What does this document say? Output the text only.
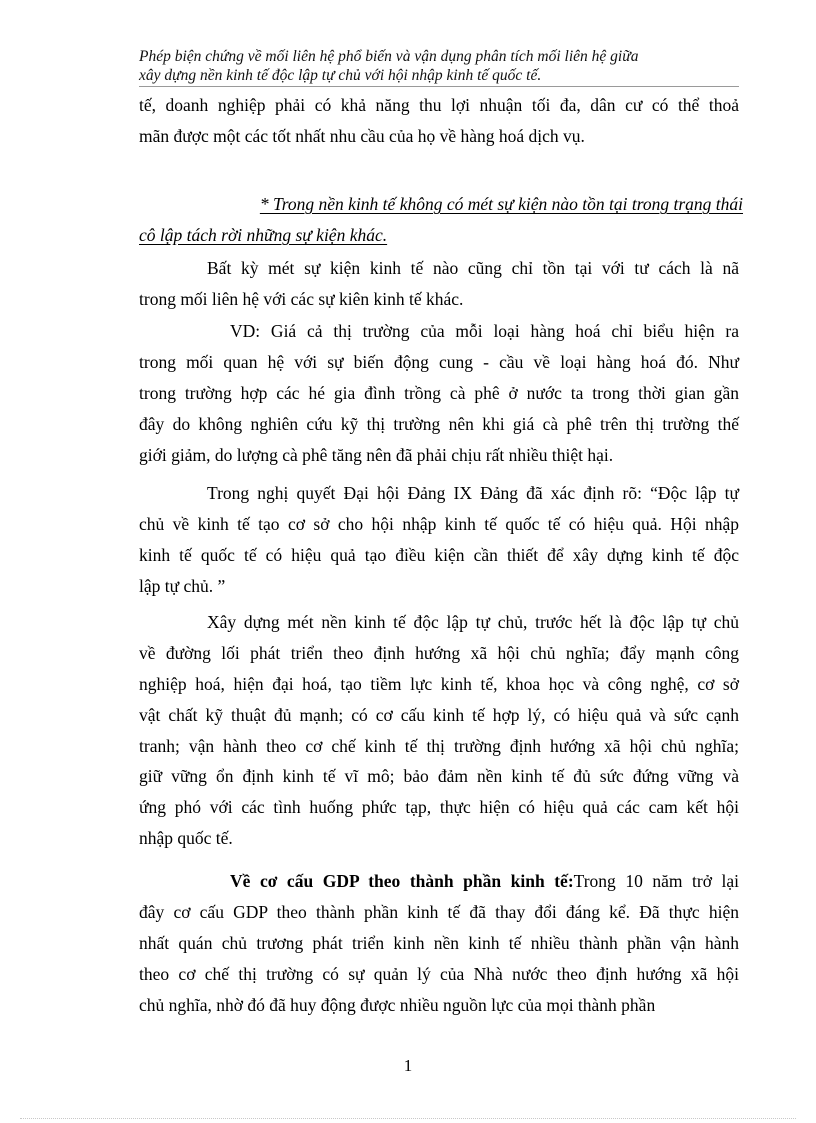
Phép biện chứng về mối liên hệ phổ biến và vận dụng phân tích mối liên hệ giữa
xây dựng nền kinh tế độc lập tự chủ với hội nhập kinh tế quốc tế.

tế, doanh nghiệp phải có khả năng thu lợi nhuận tối đa, dân cư có thể thoả
mãn được một các tốt nhất nhu cầu của họ về hàng hoá dịch vụ.

* Trong nền kinh tế không có mét sự kiện nào tồn tại trong trạng thái
cô lập tách rời những sự kiện khác.

Bất kỳ mét sự kiện kinh tế nào cũng chỉ tồn tại với tư cách là nã
trong mối liên hệ với các sự kiên kinh tế khác.

VD: Giá cả thị trường của mỗi loại hàng hoá chỉ biểu hiện ra
trong mối quan hệ với sự biến động cung - cầu về loại hàng hoá đó. Như
trong trường hợp các hé gia đình trồng cà phê ở nước ta trong thời gian gần
đây do không nghiên cứu kỹ thị trường nên khi giá cà phê trên thị trường thế
giới giảm, do lượng cà phê tăng nên đã phải chịu rất nhiều thiệt hại.

Trong nghị quyết Đại hội Đảng IX Đảng đã xác định rõ: “Độc lập tự
chủ về kinh tế tạo cơ sở cho hội nhập kinh tế quốc tế có hiệu quả. Hội nhập
kinh tế quốc tế có hiệu quả tạo điều kiện cần thiết để xây dựng kinh tế độc
lập tự chủ. ”

Xây dựng mét nền kinh tế độc lập tự chủ, trước hết là độc lập tự chủ
về đường lối phát triển theo định hướng xã hội chủ nghĩa; đẩy mạnh công
nghiệp hoá, hiện đại hoá, tạo tiềm lực kinh tế, khoa học và công nghệ, cơ sở
vật chất kỹ thuật đủ mạnh; có cơ cấu kinh tế hợp lý, có hiệu quả và sức cạnh
tranh; vận hành theo cơ chế kinh tế thị trường định hướng xã hội chủ nghĩa;
giữ vững ổn định kinh tế vĩ mô; bảo đảm nền kinh tế đủ sức đứng vững và
ứng phó với các tình huống phức tạp, thực hiện có hiệu quả các cam kết hội
nhập quốc tế.

Về cơ cấu GDP theo thành phần kinh tế:Trong 10 năm trở lại
đây cơ cấu GDP theo thành phần kinh tế đã thay đổi đáng kể. Đã thực hiện
nhất quán chủ trương phát triển kinh nền kinh tế nhiều thành phần vận hành
theo cơ chế thị trường có sự quản lý của Nhà nước theo định hướng xã hội
chủ nghĩa, nhờ đó đã huy động được nhiều nguồn lực của mọi thành phần

1
